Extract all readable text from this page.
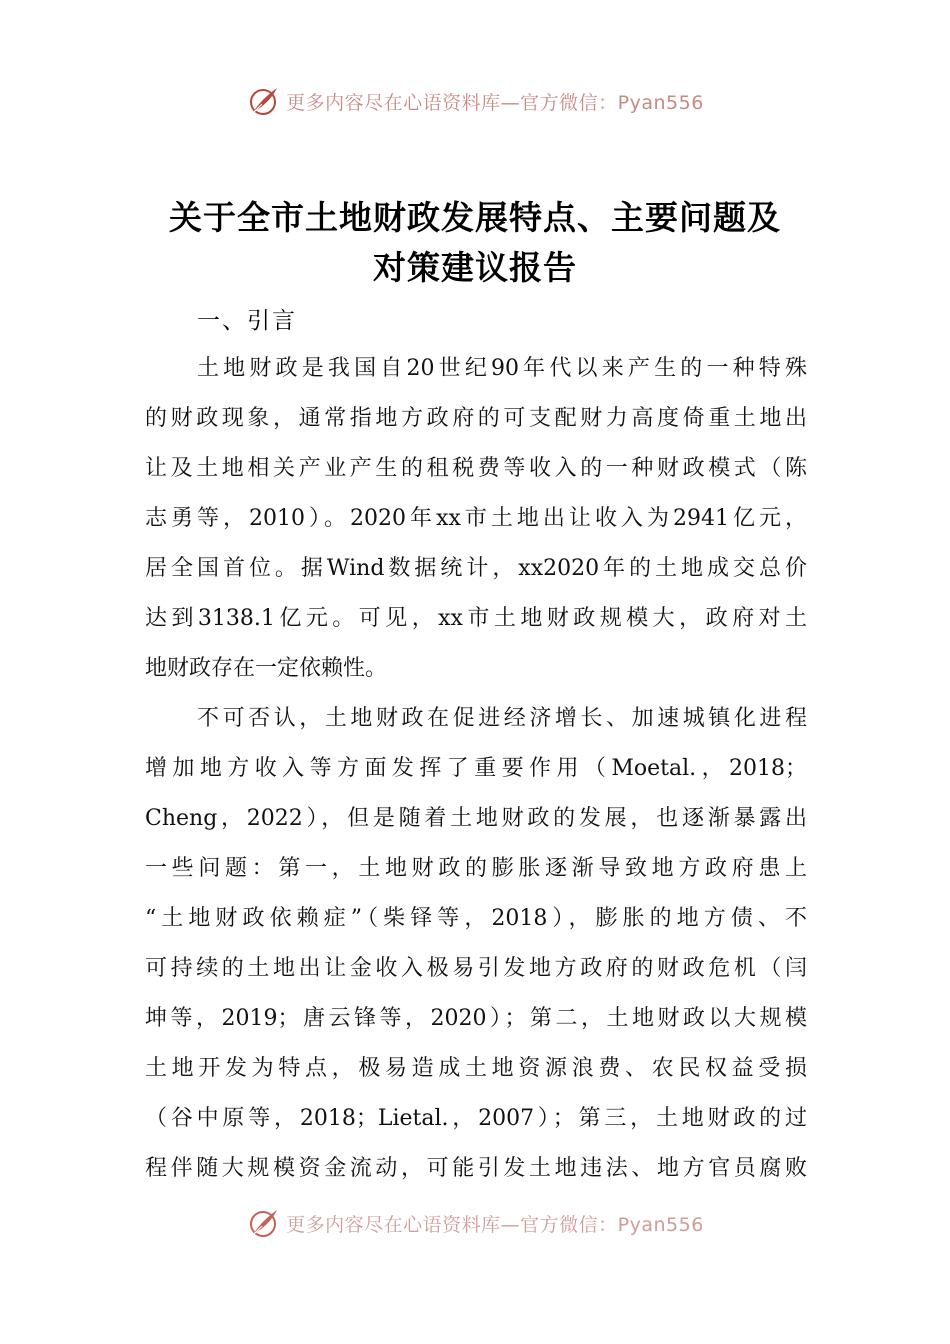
更多内容尽在心语资料库—官方微信：Pyan556
关于全市土地财政发展特点、主要问题及
对策建议报告
一、引言
土地财政是我国自20世纪90年代以来产生的一种特殊
的财政现象，通常指地方政府的可支配财力高度倚重土地出
让及土地相关产业产生的租税费等收入的一种财政模式（陈
志勇等，2010）。2020年xx市土地出让收入为2941亿元，
居全国首位。据Wind数据统计，xx2020年的土地成交总价
达到3138.1亿元。可见，xx市土地财政规模大，政府对土
地财政存在一定依赖性。
不可否认，土地财政在促进经济增长、加速城镇化进程
增加地方收入等方面发挥了重要作用（Moetal.，2018；
Cheng，2022），但是随着土地财政的发展，也逐渐暴露出
一些问题：第一，土地财政的膨胀逐渐导致地方政府患上
“土地财政依赖症”（柴铎等，2018），膨胀的地方债、不
可持续的土地出让金收入极易引发地方政府的财政危机（闫
坤等，2019；唐云锋等，2020）；第二，土地财政以大规模
土地开发为特点，极易造成土地资源浪费、农民权益受损
（谷中原等，2018；Lietal.，2007）；第三，土地财政的过
程伴随大规模资金流动，可能引发土地违法、地方官员腐败
更多内容尽在心语资料库—官方微信：Pyan556
